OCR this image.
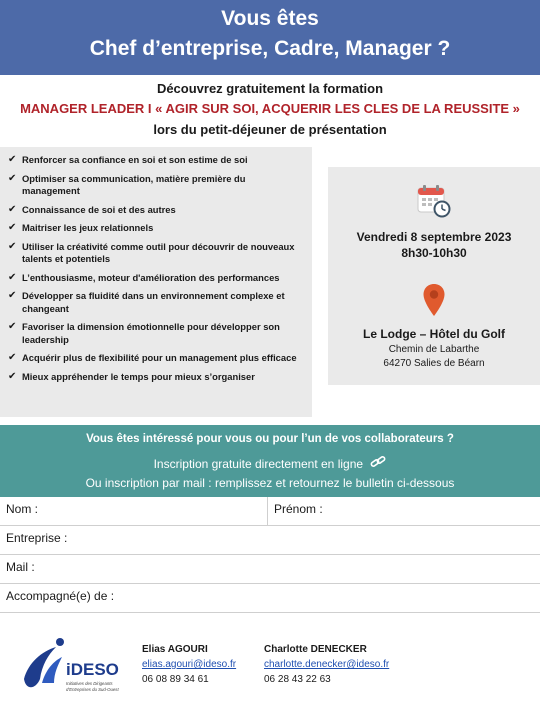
Vous êtes
Chef d’entreprise, Cadre, Manager ?
Découvrez gratuitement la formation
MANAGER LEADER I « AGIR SUR SOI, ACQUERIR LES CLES DE LA REUSSITE »
lors du petit-déjeuner de présentation
✔ Renforcer sa confiance en soi et son estime de soi
✔ Optimiser sa communication, matière première du management
✔ Connaissance de soi et des autres
✔ Maitriser les jeux relationnels
✔ Utiliser la créativité comme outil pour découvrir de nouveaux talents et potentiels
✔ L’enthousiasme, moteur d'amélioration des performances
✔ Développer sa fluidité dans un environnement complexe et changeant
✔ Favoriser la dimension émotionnelle pour développer son leadership
✔ Acquérir plus de flexibilité pour un management plus efficace
✔ Mieux appréhender le temps pour mieux s’organiser
Vendredi 8 septembre 2023
8h30-10h30
Le Lodge – Hôtel du Golf
Chemin de Labarthe
64270 Salies de Béarn
Vous êtes intéressé pour vous ou pour l’un de vos collaborateurs ?
Inscription gratuite directement en ligne
Ou inscription par mail : remplissez et retournez le bulletin ci-dessous
Nom :	Prénom :
Entreprise :
Mail :
Accompagné(e) de :
iDESO
Initiatives des Dirigeants
d'Entreprises du Sud-Ouest
Elias AGOURI
elias.agouri@ideso.fr
06 08 89 34 61
Charlotte DENECKER
charlotte.denecker@ideso.fr
06 28 43 22 63
